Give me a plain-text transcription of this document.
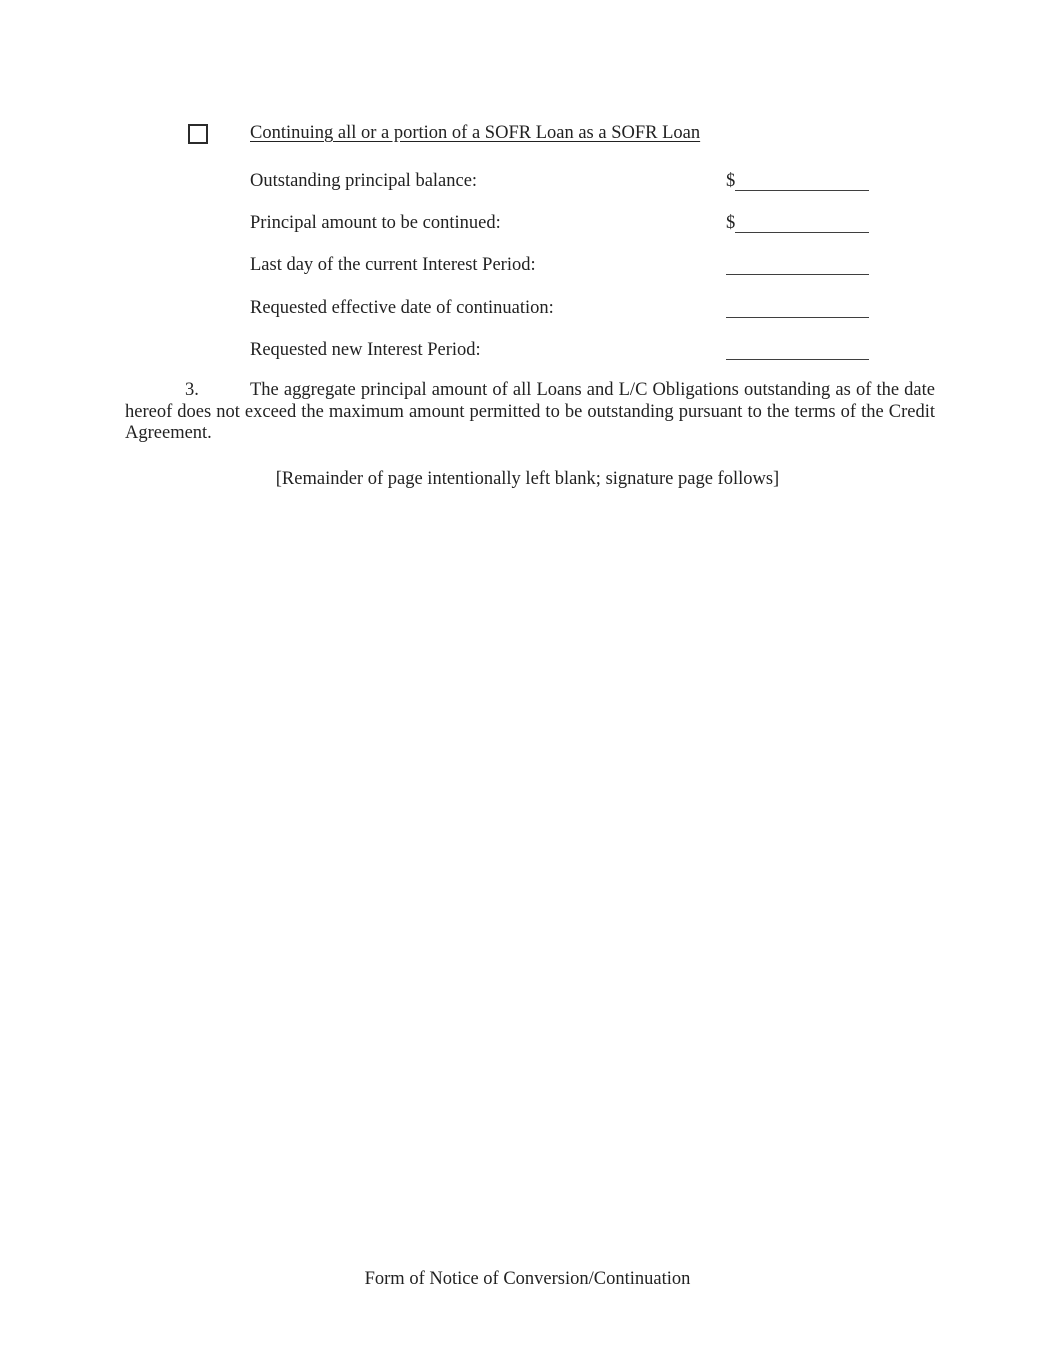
Continuing all or a portion of a SOFR Loan as a SOFR Loan
Outstanding principal balance:	$
Principal amount to be continued:	$
Last day of the current Interest Period:
Requested effective date of continuation:
Requested new Interest Period:
3.	The aggregate principal amount of all Loans and L/C Obligations outstanding as of the date hereof does not exceed the maximum amount permitted to be outstanding pursuant to the terms of the Credit Agreement.
[Remainder of page intentionally left blank; signature page follows]
Form of Notice of Conversion/Continuation
